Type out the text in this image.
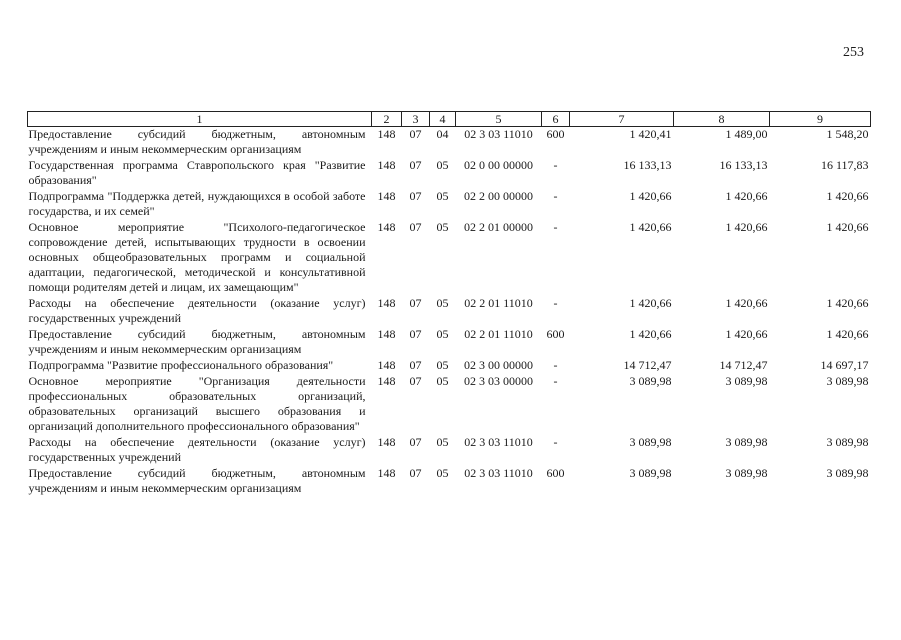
253
1	2	3	4	5	6	7	8	9
Предоставление субсидий бюджетным, автономным учреждениям и иным некоммерческим организациям	148	07	04	02 3 03 11010	600	1 420,41	1 489,00	1 548,20
Государственная программа Ставропольского края "Развитие образования"	148	07	05	02 0 00 00000	-	16 133,13	16 133,13	16 117,83
Подпрограмма "Поддержка детей, нуждающихся в особой заботе государства, и их семей"	148	07	05	02 2 00 00000	-	1 420,66	1 420,66	1 420,66
Основное мероприятие "Психолого-педагогическое сопровождение детей, испытывающих трудности в освоении основных общеобразовательных программ и социальной адаптации, педагогической, методической и консультативной помощи родителям детей и лицам, их замещающим"	148	07	05	02 2 01 00000	-	1 420,66	1 420,66	1 420,66
Расходы на обеспечение деятельности (оказание услуг) государственных учреждений	148	07	05	02 2 01 11010	-	1 420,66	1 420,66	1 420,66
Предоставление субсидий бюджетным, автономным учреждениям и иным некоммерческим организациям	148	07	05	02 2 01 11010	600	1 420,66	1 420,66	1 420,66
Подпрограмма "Развитие профессионального образования"	148	07	05	02 3 00 00000	-	14 712,47	14 712,47	14 697,17
Основное мероприятие "Организация деятельности профессиональных образовательных организаций, образовательных организаций высшего образования и организаций дополнительного профессионального образования"	148	07	05	02 3 03 00000	-	3 089,98	3 089,98	3 089,98
Расходы на обеспечение деятельности (оказание услуг) государственных учреждений	148	07	05	02 3 03 11010	-	3 089,98	3 089,98	3 089,98
Предоставление субсидий бюджетным, автономным учреждениям и иным некоммерческим организациям	148	07	05	02 3 03 11010	600	3 089,98	3 089,98	3 089,98
